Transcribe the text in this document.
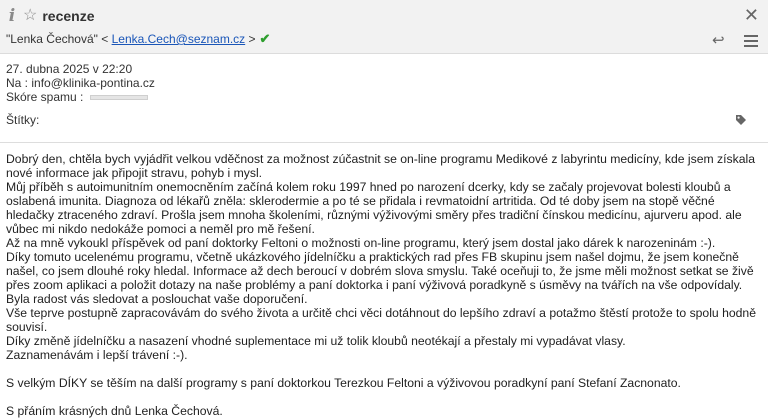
i ☆ recenze	✕
"Lenka Čechová" < Lenka.Cech@seznam.cz > ✔	↩
27. dubna 2025 v 22:20
Na : info@klinika-pontina.cz
Skóre spamu :
Štítky:

Dobrý den, chtěla bych vyjádřit velkou vděčnost za možnost zúčastnit se on-line programu Medikové z labyrintu medicíny, kde jsem získala nové informace jak připojit stravu, pohyb i mysl.

Můj příběh s autoimunitním onemocněním začíná kolem roku 1997 hned po narození dcerky, kdy se začaly projevovat bolesti kloubů a oslabená imunita. Diagnoza od lékařů zněla: sklerodermie a po té se přidala i revmatoidní artritida. Od té doby jsem na stopě věčné hledačky ztraceného zdraví. Prošla jsem mnoha školeními, různými výživovými směry přes tradiční čínskou medicínu, ajurveru apod. ale vůbec mi nikdo nedokáže pomoci a neměl pro mě řešení.

Až na mně vykoukl příspěvek od paní doktorky Feltoni o možnosti on-line programu, který jsem dostal jako dárek k narozeninám :-).

Díky tomuto ucelenému programu, včetně ukázkového jídelníčku a praktických rad přes FB skupinu jsem našel dojmu, že jsem konečně našel, co jsem dlouhé roky hledal. Informace až dech beroucí v dobrém slova smyslu. Také oceňuji to, že jsme měli možnost setkat se živě přes zoom aplikaci a položit dotazy na naše problémy a paní doktorka i paní výživová poradkyně s úsměvy na tvářích na vše odpovídaly. Byla radost vás sledovat a poslouchat vaše doporučení.

Vše teprve postupně zapracovávám do svého života a určitě chci věci dotáhnout do lepšího zdraví a potažmo štěstí protože to spolu hodně souvisí.

Díky změně jídelníčku a nasazení vhodné suplementace mi už tolik kloubů neotékají a přestaly mi vypadávat vlasy.

Zaznamenávám i lepší trávení :-).

S velkým DÍKY se těším na další programy s paní doktorkou Terezkou Feltoni a výživovou poradkyní paní Stefaní Zacnonato.

S přáním krásných dnů Lenka Čechová.
